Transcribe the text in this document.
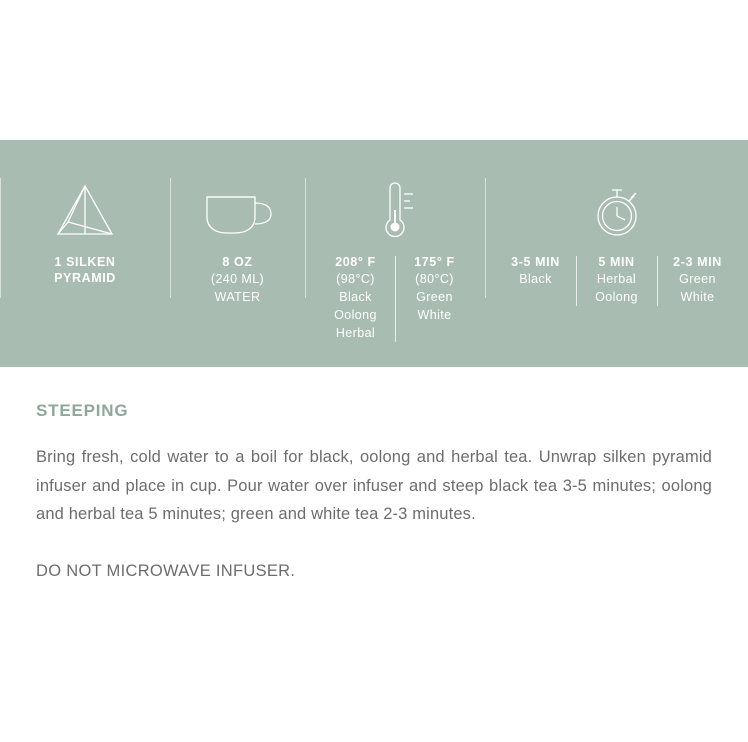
1 SILKEN
PYRAMID
8 OZ
(240 ML)
WATER
208° F
(98°C)
Black
Oolong
Herbal
175° F
(80°C)
Green
White
3-5 MIN
Black
5 MIN
Herbal
Oolong
2-3 MIN
Green
White
STEEPING

Bring fresh, cold water to a boil for black, oolong and herbal tea. Unwrap silken pyramid infuser and place in cup. Pour water over infuser and steep black tea 3-5 minutes; oolong and herbal tea 5 minutes; green and white tea 2-3 minutes.

DO NOT MICROWAVE INFUSER.
